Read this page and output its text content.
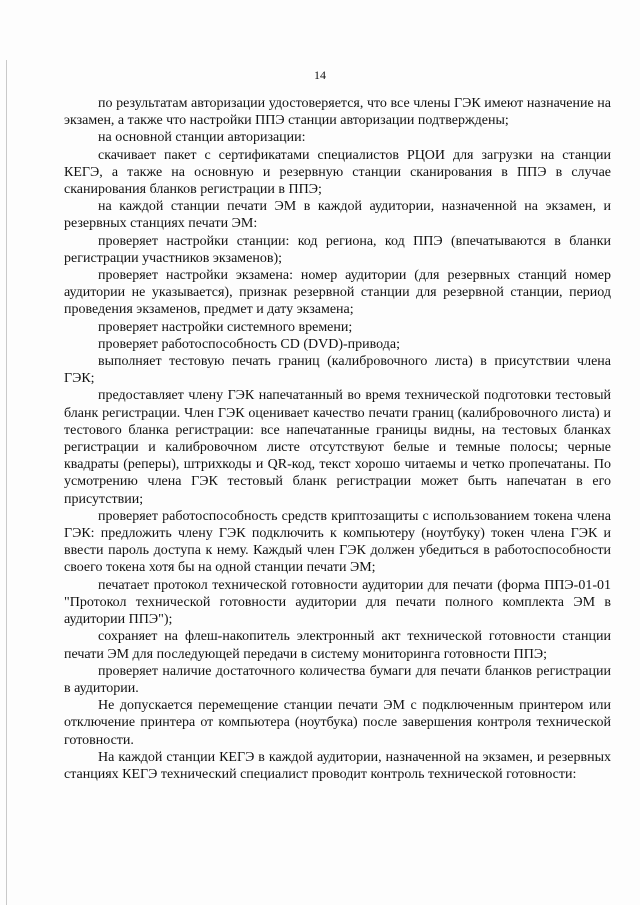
14

по результатам авторизации удостоверяется, что все члены ГЭК имеют назначение на экзамен, а также что настройки ППЭ станции авторизации подтверждены;

на основной станции авторизации:

скачивает пакет с сертификатами специалистов РЦОИ для загрузки на станции КЕГЭ, а также на основную и резервную станции сканирования в ППЭ в случае сканирования бланков регистрации в ППЭ;

на каждой станции печати ЭМ в каждой аудитории, назначенной на экзамен, и резервных станциях печати ЭМ:

проверяет настройки станции: код региона, код ППЭ (впечатываются в бланки регистрации участников экзаменов);

проверяет настройки экзамена: номер аудитории (для резервных станций номер аудитории не указывается), признак резервной станции для резервной станции, период проведения экзаменов, предмет и дату экзамена;

проверяет настройки системного времени;

проверяет работоспособность CD (DVD)-привода;

выполняет тестовую печать границ (калибровочного листа) в присутствии члена ГЭК;

предоставляет члену ГЭК напечатанный во время технической подготовки тестовый бланк регистрации. Член ГЭК оценивает качество печати границ (калибровочного листа) и тестового бланка регистрации: все напечатанные границы видны, на тестовых бланках регистрации и калибровочном листе отсутствуют белые и темные полосы; черные квадраты (реперы), штрихкоды и QR-код, текст хорошо читаемы и четко пропечатаны. По усмотрению члена ГЭК тестовый бланк регистрации может быть напечатан в его присутствии;

проверяет работоспособность средств криптозащиты с использованием токена члена ГЭК: предложить члену ГЭК подключить к компьютеру (ноутбуку) токен члена ГЭК и ввести пароль доступа к нему. Каждый член ГЭК должен убедиться в работоспособности своего токена хотя бы на одной станции печати ЭМ;

печатает протокол технической готовности аудитории для печати (форма ППЭ-01-01 "Протокол технической готовности аудитории для печати полного комплекта ЭМ в аудитории ППЭ");

сохраняет на флеш-накопитель электронный акт технической готовности станции печати ЭМ для последующей передачи в систему мониторинга готовности ППЭ;

проверяет наличие достаточного количества бумаги для печати бланков регистрации в аудитории.

Не допускается перемещение станции печати ЭМ с подключенным принтером или отключение принтера от компьютера (ноутбука) после завершения контроля технической готовности.

На каждой станции КЕГЭ в каждой аудитории, назначенной на экзамен, и резервных станциях КЕГЭ технический специалист проводит контроль технической готовности:
